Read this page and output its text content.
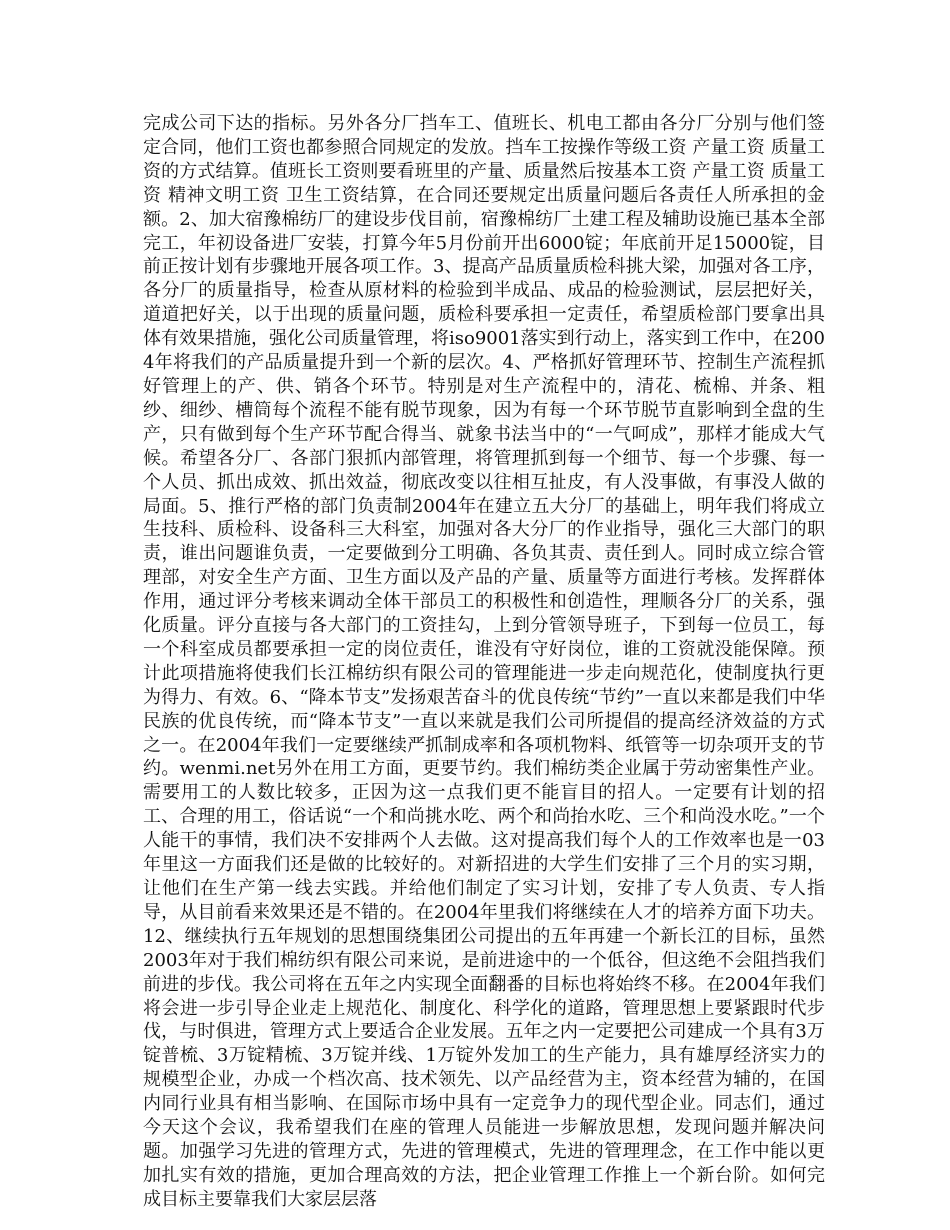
完成公司下达的指标。另外各分厂挡车工、值班长、机电工都由各分厂分别与他们签定合同，他们工资也都参照合同规定的发放。挡车工按操作等级工资 产量工资 质量工资的方式结算。值班长工资则要看班里的产量、质量然后按基本工资 产量工资 质量工资 精神文明工资 卫生工资结算，在合同还要规定出质量问题后各责任人所承担的金额。2、加大宿豫棉纺厂的建设步伐目前，宿豫棉纺厂土建工程及辅助设施已基本全部完工，年初设备进厂安装，打算今年5月份前开出6000锭；年底前开足15000锭，目前正按计划有步骤地开展各项工作。3、提高产品质量质检科挑大梁，加强对各工序，各分厂的质量指导，检查从原材料的检验到半成品、成品的检验测试，层层把好关，道道把好关，以于出现的质量问题，质检科要承担一定责任，希望质检部门要拿出具体有效果措施，强化公司质量管理，将iso9001落实到行动上，落实到工作中，在2004年将我们的产品质量提升到一个新的层次。4、严格抓好管理环节、控制生产流程抓好管理上的产、供、销各个环节。特别是对生产流程中的，清花、梳棉、并条、粗纱、细纱、槽筒每个流程不能有脱节现象，因为有每一个环节脱节直影响到全盘的生产，只有做到每个生产环节配合得当、就象书法当中的“一气呵成”，那样才能成大气候。希望各分厂、各部门狠抓内部管理，将管理抓到每一个细节、每一个步骤、每一个人员、抓出成效、抓出效益，彻底改变以往相互扯皮，有人没事做，有事没人做的局面。5、推行严格的部门负责制2004年在建立五大分厂的基础上，明年我们将成立生技科、质检科、设备科三大科室，加强对各大分厂的作业指导，强化三大部门的职责，谁出问题谁负责，一定要做到分工明确、各负其责、责任到人。同时成立综合管理部，对安全生产方面、卫生方面以及产品的产量、质量等方面进行考核。发挥群体作用，通过评分考核来调动全体干部员工的积极性和创造性，理顺各分厂的关系，强化质量。评分直接与各大部门的工资挂勾，上到分管领导班子，下到每一位员工，每一个科室成员都要承担一定的岗位责任，谁没有守好岗位，谁的工资就没能保障。预计此项措施将使我们长江棉纺织有限公司的管理能进一步走向规范化，使制度执行更为得力、有效。6、“降本节支”发扬艰苦奋斗的优良传统“节约”一直以来都是我们中华民族的优良传统，而“降本节支”一直以来就是我们公司所提倡的提高经济效益的方式之一。在2004年我们一定要继续严抓制成率和各项机物料、纸管等一切杂项开支的节约。wenmi.net另外在用工方面，更要节约。我们棉纺类企业属于劳动密集性产业。需要用工的人数比较多，正因为这一点我们更不能盲目的招人。一定要有计划的招工、合理的用工，俗话说“一个和尚挑水吃、两个和尚抬水吃、三个和尚没水吃。”一个人能干的事情，我们决不安排两个人去做。这对提高我们每个人的工作效率也是一03年里这一方面我们还是做的比较好的。对新招进的大学生们安排了三个月的实习期，让他们在生产第一线去实践。并给他们制定了实习计划，安排了专人负责、专人指导，从目前看来效果还是不错的。在2004年里我们将继续在人才的培养方面下功夫。12、继续执行五年规划的思想围绕集团公司提出的五年再建一个新长江的目标，虽然2003年对于我们棉纺织有限公司来说，是前进途中的一个低谷，但这绝不会阻挡我们前进的步伐。我公司将在五年之内实现全面翻番的目标也将始终不移。在2004年我们将会进一步引导企业走上规范化、制度化、科学化的道路，管理思想上要紧跟时代步伐，与时俱进，管理方式上要适合企业发展。五年之内一定要把公司建成一个具有3万锭普梳、3万锭精梳、3万锭并线、1万锭外发加工的生产能力，具有雄厚经济实力的规模型企业，办成一个档次高、技术领先、以产品经营为主，资本经营为辅的，在国内同行业具有相当影响、在国际市场中具有一定竞争力的现代型企业。同志们，通过今天这个会议，我希望我们在座的管理人员能进一步解放思想，发现问题并解决问题。加强学习先进的管理方式，先进的管理模式，先进的管理理念，在工作中能以更加扎实有效的措施，更加合理高效的方法，把企业管理工作推上一个新台阶。如何完成目标主要靠我们大家层层落
